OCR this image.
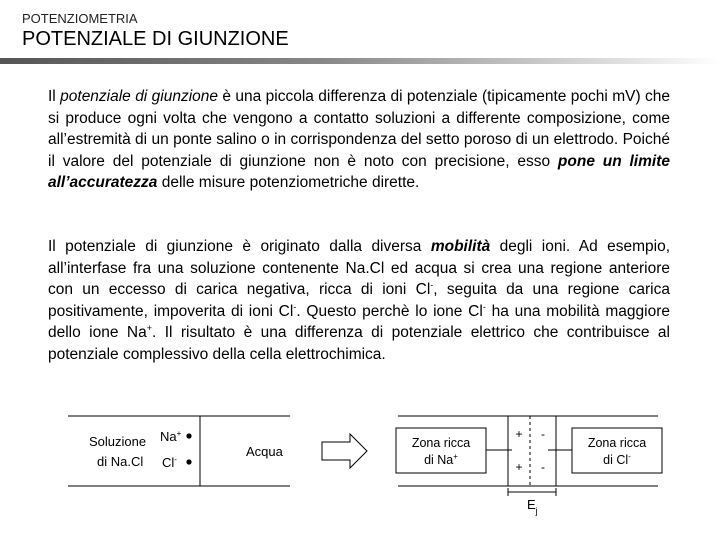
POTENZIOMETRIA
POTENZIALE DI GIUNZIONE

Il potenziale di giunzione è una piccola differenza di potenziale (tipicamente pochi mV) che si produce ogni volta che vengono a contatto soluzioni a differente composizione, come all’estremità di un ponte salino o in corrispondenza del setto poroso di un elettrodo. Poiché il valore del potenziale di giunzione non è noto con precisione, esso pone un limite all’accuratezza delle misure potenziometriche dirette.

Il potenziale di giunzione è originato dalla diversa mobilità degli ioni. Ad esempio, all’interfase fra una soluzione contenente Na.Cl ed acqua si crea una regione anteriore con un eccesso di carica negativa, ricca di ioni Cl-, seguita da una regione carica positivamente, impoverita di ioni Cl-. Questo perchè lo ione Cl- ha una mobilità maggiore dello ione Na+. Il risultato è una differenza di potenziale elettrico che contribuisce al potenziale complessivo della cella elettrochimica.

Soluzione
di Na.Cl
Na+
Cl-
Acqua
Zona ricca
di Na+
+
+
-
-
Zona ricca
di Cl-
$E_j$
